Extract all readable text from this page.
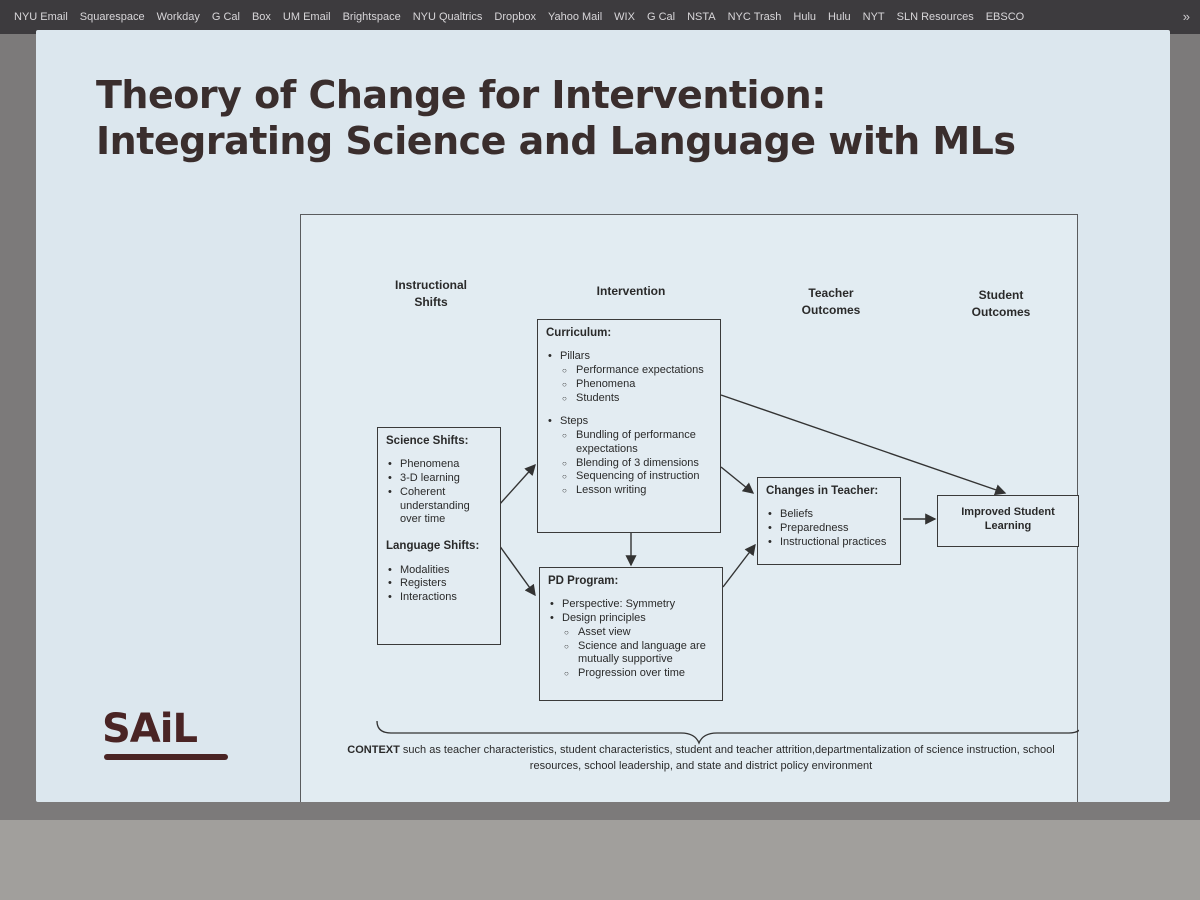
NYU Email Squarespace Workday G Cal Box UM Email Brightspace NYU Qualtrics Dropbox Yahoo Mail WIX G Cal NSTA NYC Trash Hulu Hulu NYT SLN Resources EBSCO	»
Theory of Change for Intervention:
Integrating Science and Language with MLs
Instructional
Shifts
Intervention	Teacher
Outcomes
Student
Outcomes
Science Shifts:
• Phenomena
• 3-D learning
• Coherent understanding over time
Language Shifts:
• Modalities
• Registers
• Interactions
Curriculum:
• Pillars
○ Performance expectations
○ Phenomena
○ Students
• Steps
○ Bundling of performance expectations
○ Blending of 3 dimensions
○ Sequencing of instruction
○ Lesson writing
PD Program:
• Perspective: Symmetry
• Design principles
○ Asset view
○ Science and language are mutually supportive
○ Progression over time
Changes in Teacher:
• Beliefs
• Preparedness
• Instructional practices
Improved Student Learning
CONTEXT such as teacher characteristics, student characteristics, student and teacher attrition,departmentalization of science instruction, school resources, school leadership, and state and district policy environment
SAiL
